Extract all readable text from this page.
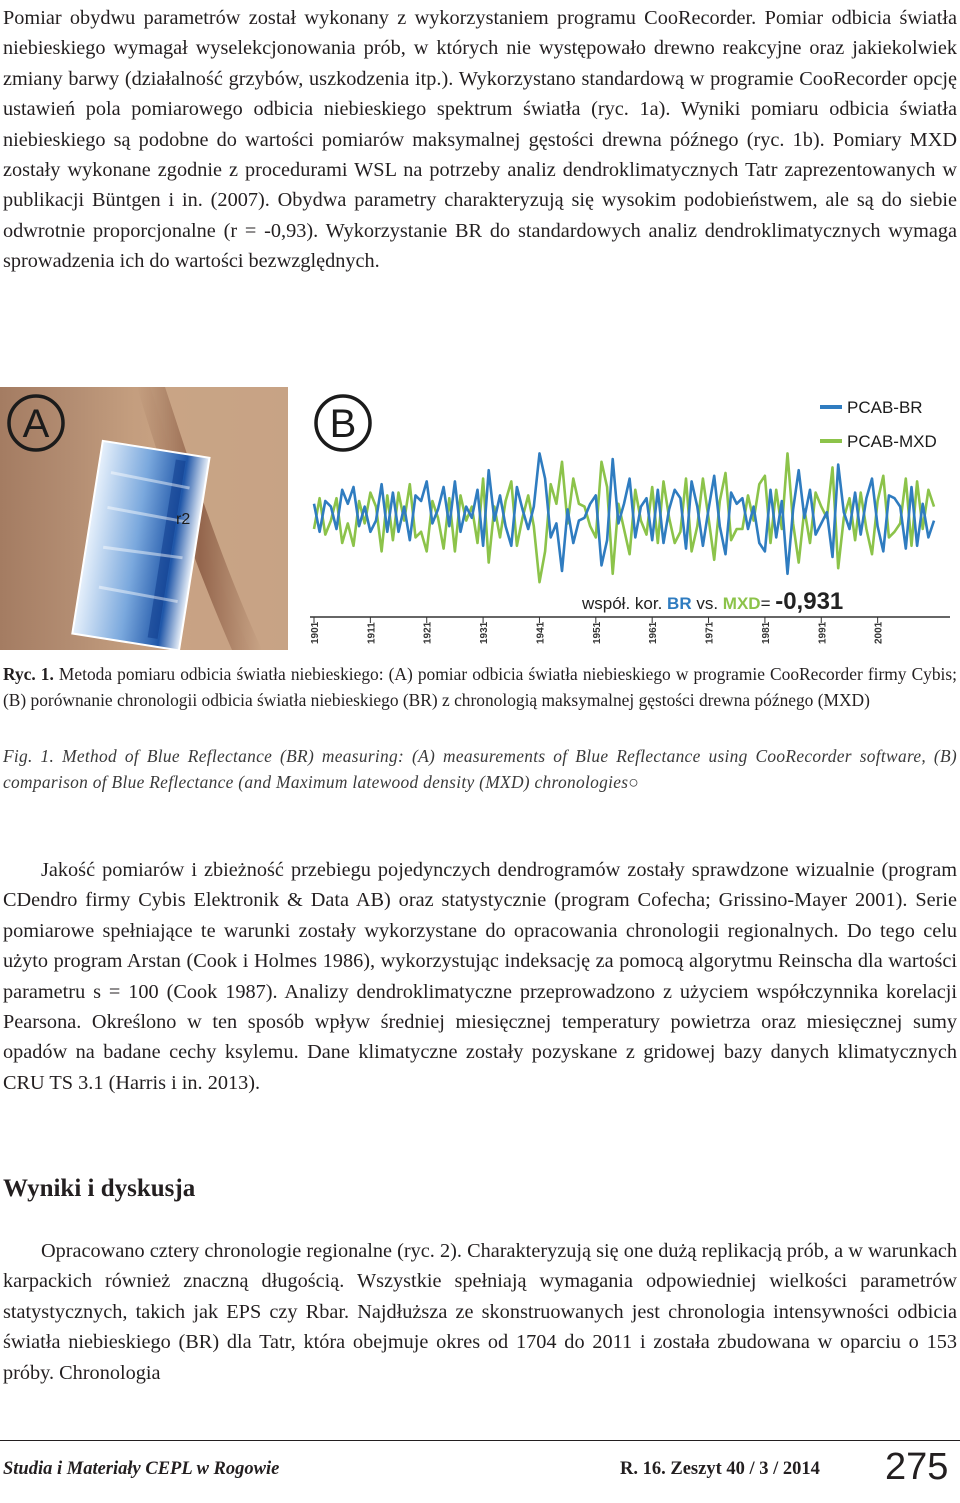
Pomiar obydwu parametrów został wykonany z wykorzystaniem programu CooRecorder. Pomiar odbicia światła niebieskiego wymagał wyselekcjonowania prób, w których nie występowało drewno reakcyjne oraz jakiekolwiek zmiany barwy (działalność grzybów, uszkodzenia itp.). Wykorzystano standardową w programie CooRecorder opcję ustawień pola pomiarowego odbicia niebieskiego spektrum światła (ryc. 1a). Wyniki pomiaru odbicia światła niebieskiego są podobne do wartości pomiarów maksymalnej gęstości drewna późnego (ryc. 1b). Pomiary MXD zostały wykonane zgodnie z procedurami WSL na potrzeby analiz dendroklimatycznych Tatr zaprezentowanych w publikacji Büntgen i in. (2007). Obydwa parametry charakteryzują się wysokim podobieństwem, ale są do siebie odwrotnie proporcjonalne (r = -0,93). Wykorzystanie BR do standardowych analiz dendroklimatycznych wymaga sprowadzenia ich do wartości bezwzględnych.

r2
A	B
1901	1911	1921	1931	1941	1951	1961	1971	1981	1991	2001
PCAB-BR
PCAB-MXD
współ. kor. BR vs. MXD= -0,931

Ryc. 1. Metoda pomiaru odbicia światła niebieskiego: (A) pomiar odbicia światła niebieskiego w programie CooRecorder firmy Cybis; (B) porównanie chronologii odbicia światła niebieskiego (BR) z chronologią maksymalnej gęstości drewna późnego (MXD)

Fig. 1. Method of Blue Reflectance (BR) measuring: (A) measurements of Blue Reflectance using CooRecorder software, (B) comparison of Blue Reflectance (and Maximum latewood density (MXD) chronologies○

Jakość pomiarów i zbieżność przebiegu pojedynczych dendrogramów zostały sprawdzone wizualnie (program CDendro firmy Cybis Elektronik & Data AB) oraz statystycznie (program Cofecha; Grissino-Mayer 2001). Serie pomiarowe spełniające te warunki zostały wykorzystane do opracowania chronologii regionalnych. Do tego celu użyto program Arstan (Cook i Holmes 1986), wykorzystując indeksację za pomocą algorytmu Reinscha dla wartości parametru s = 100 (Cook 1987). Analizy dendroklimatyczne przeprowadzono z użyciem współczynnika korelacji Pearsona. Określono w ten sposób wpływ średniej miesięcznej temperatury powietrza oraz miesięcznej sumy opadów na badane cechy ksylemu. Dane klimatyczne zostały pozyskane z gridowej bazy danych klimatycznych CRU TS 3.1 (Harris i in. 2013).

Wyniki i dyskusja

Opracowano cztery chronologie regionalne (ryc. 2). Charakteryzują się one dużą replikacją prób, a w warunkach karpackich również znaczną długością. Wszystkie spełniają wymagania odpowiedniej wielkości parametrów statystycznych, takich jak EPS czy Rbar. Najdłuższa ze skonstruowanych jest chronologia intensywności odbicia światła niebieskiego (BR) dla Tatr, która obejmuje okres od 1704 do 2011 i została zbudowana w oparciu o 153 próby. Chronologia

Studia i Materiały CEPL w Rogowie	R. 16. Zeszyt 40 / 3 / 2014 275
